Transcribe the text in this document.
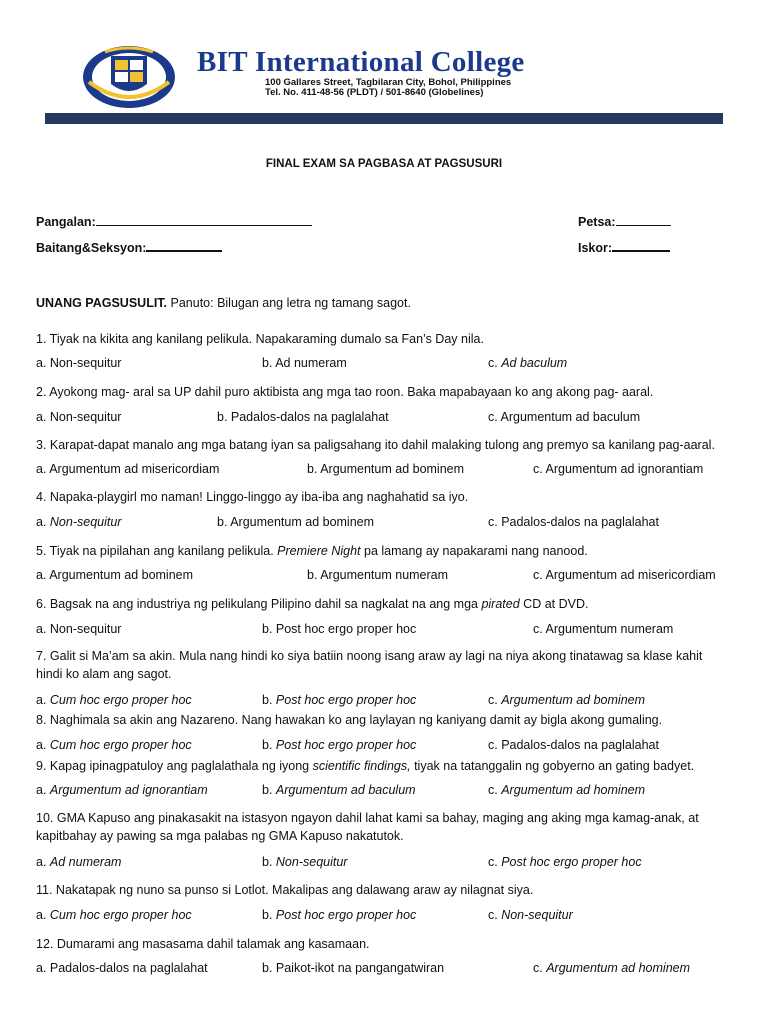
BIT International College
100 Gallares Street, Tagbilaran City, Bohol, Philippines
Tel. No. 411-48-56 (PLDT) / 501-8640 (Globelines)
FINAL EXAM SA PAGBASA AT PAGSUSURI
Pangalan:	Petsa:
Baitang&Seksyon:	Iskor:
UNANG PAGSUSULIT. Panuto: Bilugan ang letra ng tamang sagot.
1. Tiyak na kikita ang kanilang pelikula. Napakaraming dumalo sa Fan’s Day nila.
a. Non-sequitur	b. Ad numeram	c. Ad baculum
2. Ayokong mag- aral sa UP dahil puro aktibista ang mga tao roon. Baka mapabayaan ko ang akong pag- aaral.
a. Non-sequitur	b. Padalos-dalos na paglalahat	c. Argumentum ad baculum
3. Karapat-dapat manalo ang mga batang iyan sa paligsahang ito dahil malaking tulong ang premyo sa kanilang pag-aaral.
a. Argumentum ad misericordiam	b. Argumentum ad bominem	c. Argumentum ad ignorantiam
4. Napaka-playgirl mo naman! Linggo-linggo ay iba-iba ang naghahatid sa iyo.
a. Non-sequitur	b. Argumentum ad bominem	c. Padalos-dalos na paglalahat
5. Tiyak na pipilahan ang kanilang pelikula. Premiere Night pa lamang ay napakarami nang nanood.
a. Argumentum ad bominem	b. Argumentum numeram	c. Argumentum ad misericordiam
6. Bagsak na ang industriya ng pelikulang Pilipino dahil sa nagkalat na ang mga pirated CD at DVD.
a. Non-sequitur	b. Post hoc ergo proper hoc	c. Argumentum numeram
7. Galit si Ma’am sa akin. Mula nang hindi ko siya batiin noong isang araw ay lagi na niya akong tinatawag sa klase kahit hindi ko alam ang sagot.
a. Cum hoc ergo proper hoc	b. Post hoc ergo proper hoc	c. Argumentum ad bominem
8. Naghimala sa akin ang Nazareno. Nang hawakan ko ang laylayan ng kaniyang damit ay bigla akong gumaling.
a. Cum hoc ergo proper hoc	b. Post hoc ergo proper hoc	c. Padalos-dalos na paglalahat
9. Kapag ipinagpatuloy ang paglalathala ng iyong scientific findings, tiyak na tatanggalin ng gobyerno an gating badyet.
a. Argumentum ad ignorantiam	b. Argumentum ad baculum	c. Argumentum ad hominem
10. GMA Kapuso ang pinakasakit na istasyon ngayon dahil lahat kami sa bahay, maging ang aking mga kamag-anak, at kapitbahay ay pawing sa mga palabas ng GMA Kapuso nakatutok.
a. Ad numeram	b. Non-sequitur	c. Post hoc ergo proper hoc
11. Nakatapak ng nuno sa punso si Lotlot. Makalipas ang dalawang araw ay nilagnat siya.
a. Cum hoc ergo proper hoc	b. Post hoc ergo proper hoc	c. Non-sequitur
12. Dumarami ang masasama dahil talamak ang kasamaan.
a. Padalos-dalos na paglalahat	b. Paikot-ikot na pangangatwiran	c. Argumentum ad hominem
